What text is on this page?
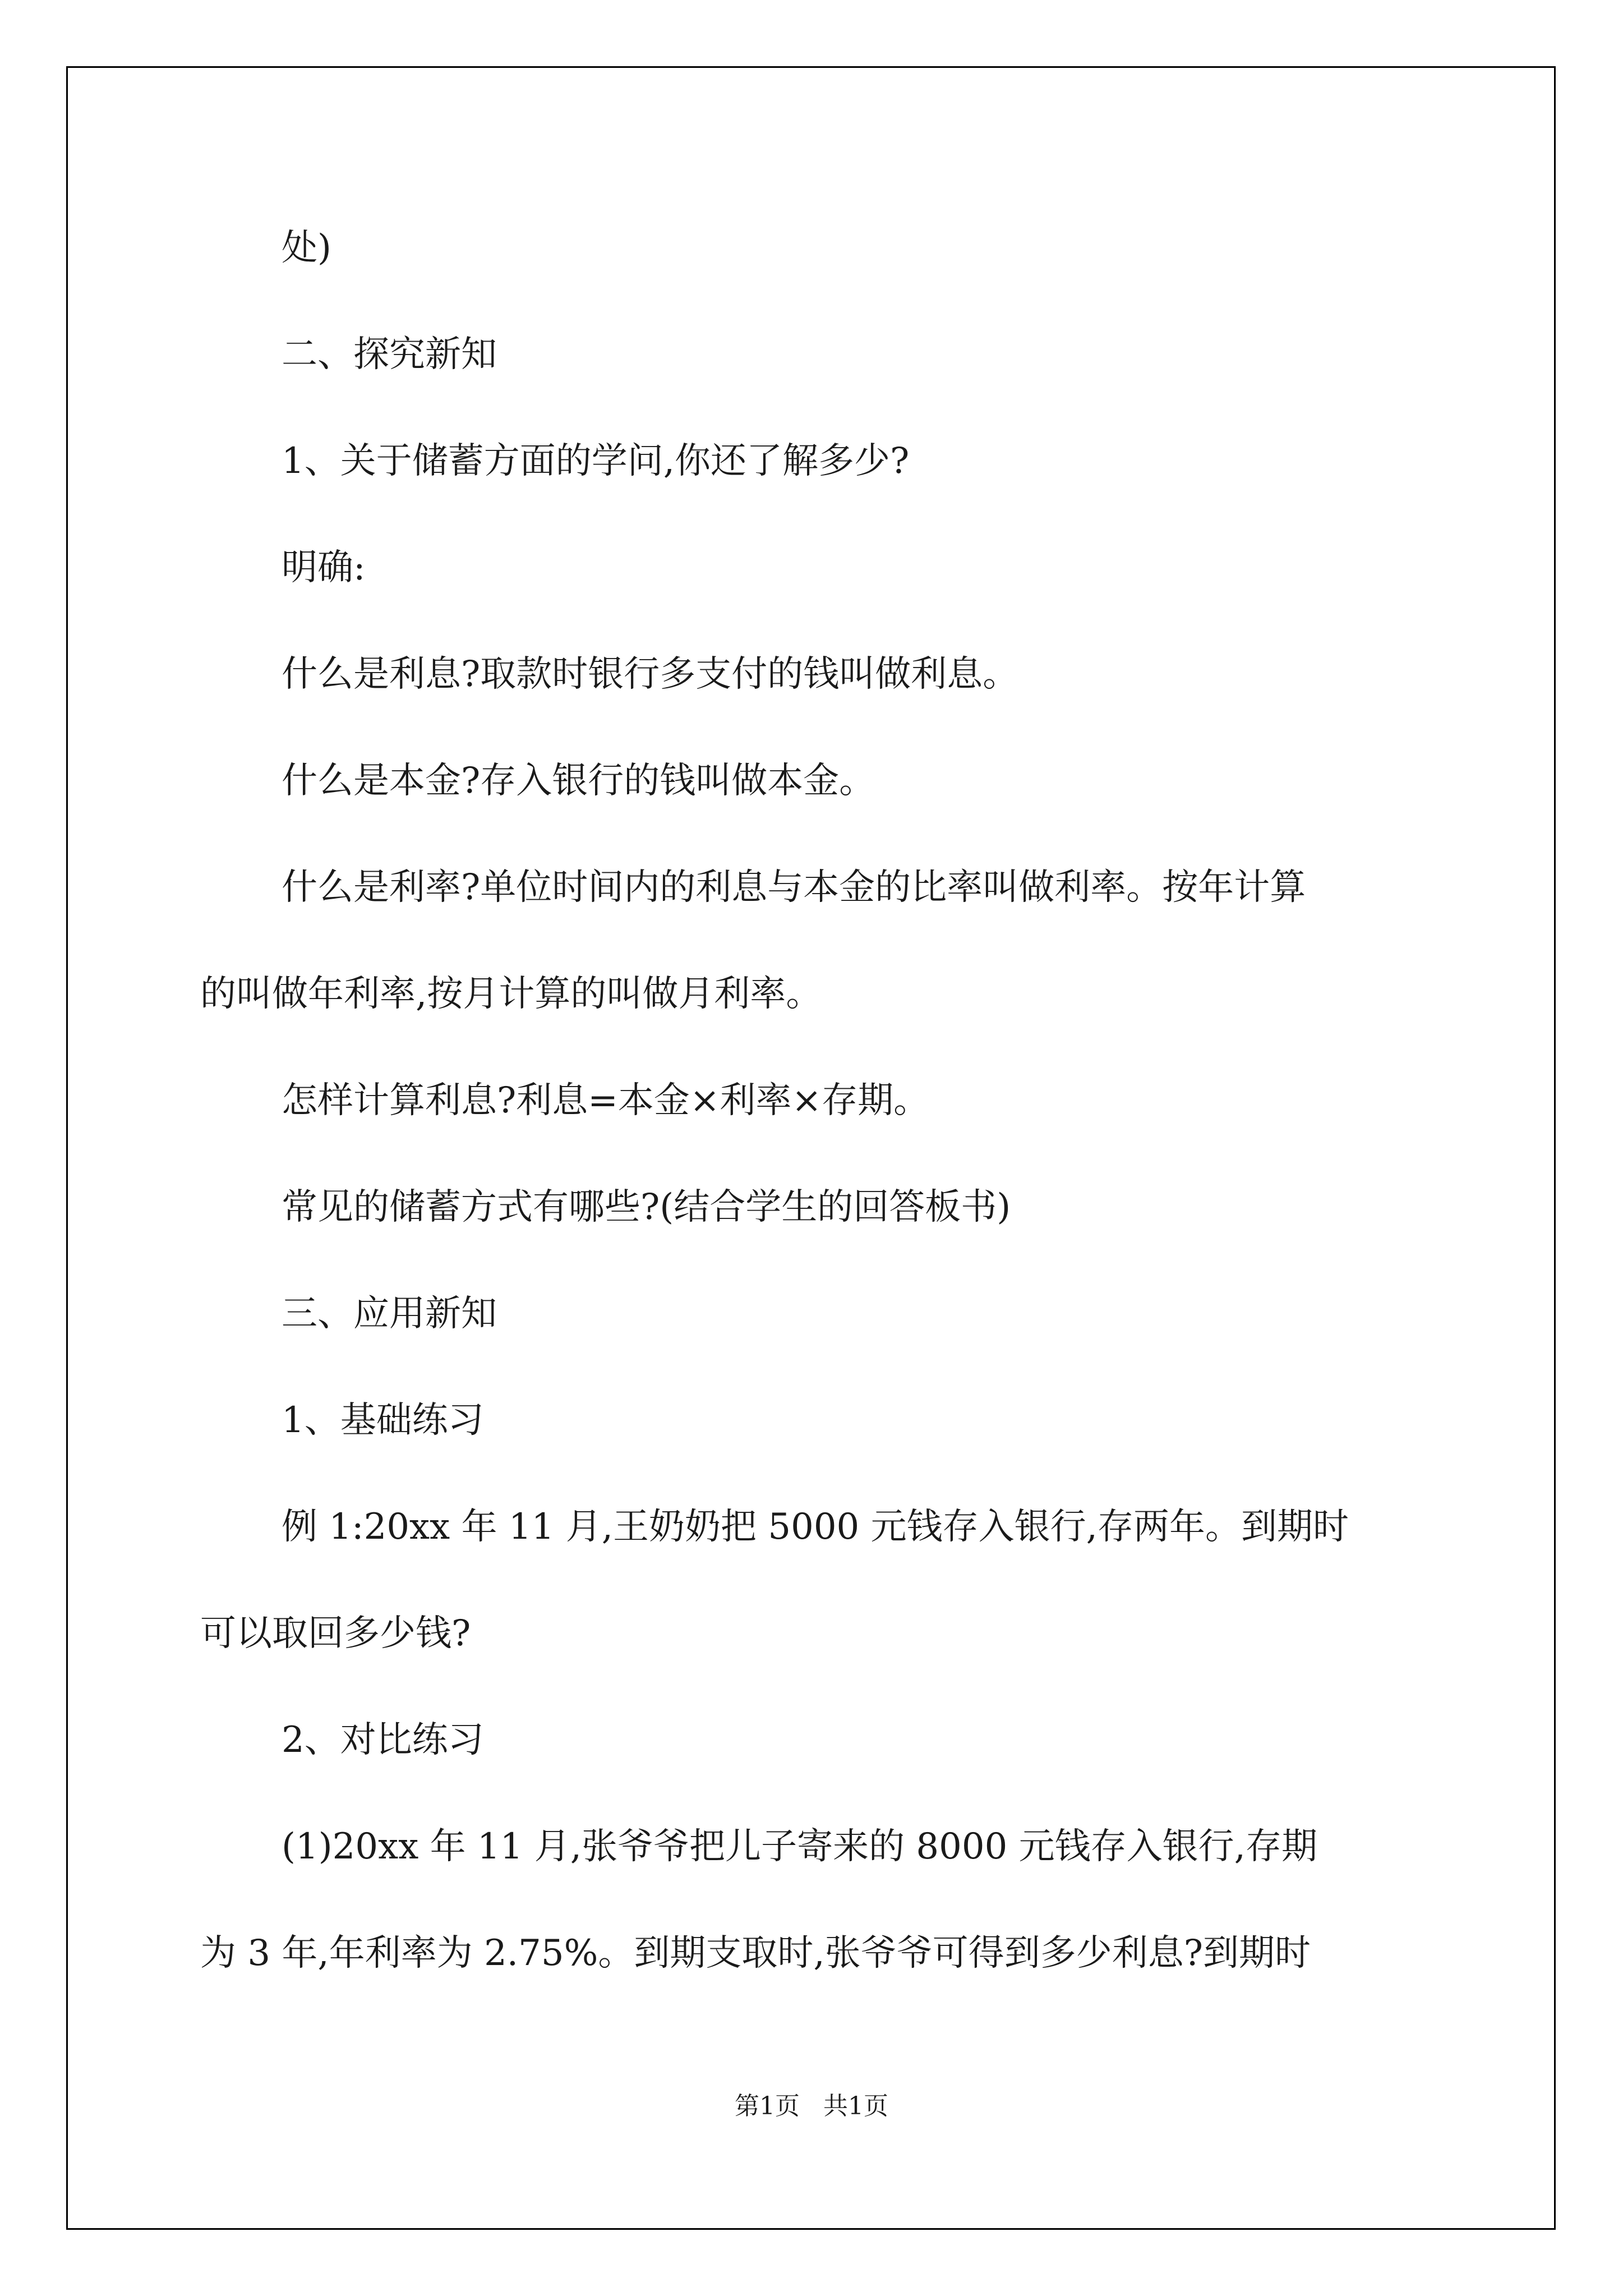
处)
二、探究新知
1、关于储蓄方面的学问,你还了解多少?
明确:
什么是利息?取款时银行多支付的钱叫做利息。
什么是本金?存入银行的钱叫做本金。
什么是利率?单位时间内的利息与本金的比率叫做利率。按年计算
的叫做年利率,按月计算的叫做月利率。
怎样计算利息?利息=本金×利率×存期。
常见的储蓄方式有哪些?(结合学生的回答板书)
三、应用新知
1、基础练习
例 1:20xx 年 11 月,王奶奶把 5000 元钱存入银行,存两年。到期时
可以取回多少钱?
2、对比练习
(1)20xx 年 11 月,张爷爷把儿子寄来的 8000 元钱存入银行,存期
为 3 年,年利率为 2.75%。到期支取时,张爷爷可得到多少利息?到期时
第1页   共1页
